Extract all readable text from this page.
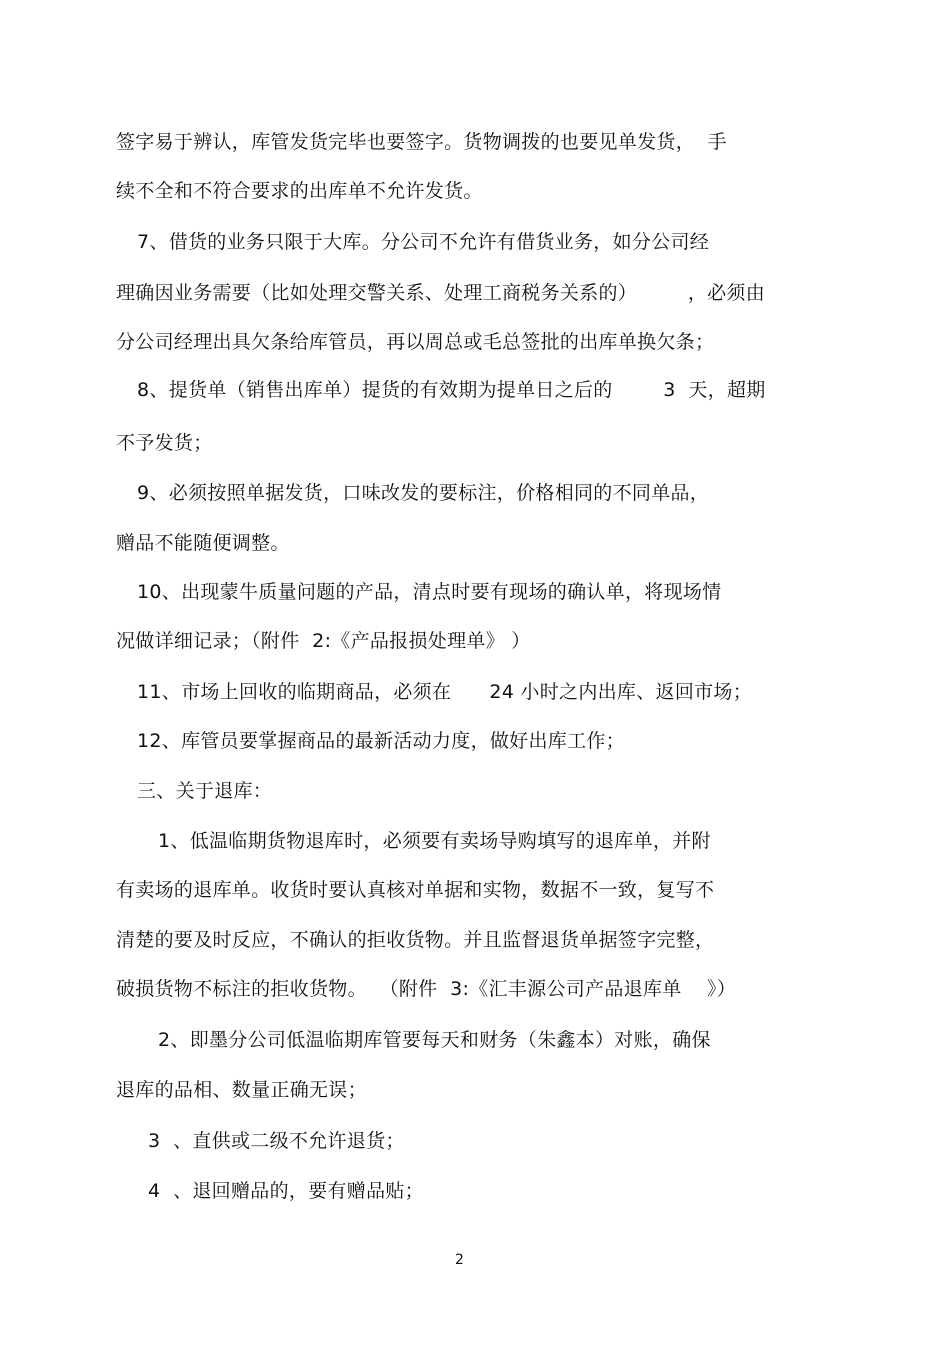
签字易于辨认，库管发货完毕也要签字。货物调拨的也要见单发货，  手
续不全和不符合要求的出库单不允许发货。
7、借货的业务只限于大库。分公司不允许有借货业务，如分公司经
理确因业务需要（比如处理交警关系、处理工商税务关系的）        ，必须由
分公司经理出具欠条给库管员，再以周总或毛总签批的出库单换欠条；
8、提货单（销售出库单）提货的有效期为提单日之后的        3  天，超期
不予发货；
9、必须按照单据发货，口味改发的要标注，价格相同的不同单品，
赠品不能随便调整。
10、出现蒙牛质量问题的产品，清点时要有现场的确认单，将现场情
况做详细记录；（附件  2:《产品报损处理单》 ）
11、市场上回收的临期商品，必须在      24 小时之内出库、返回市场；
12、库管员要掌握商品的最新活动力度，做好出库工作；
三、关于退库：
1、低温临期货物退库时，必须要有卖场导购填写的退库单，并附
有卖场的退库单。收货时要认真核对单据和实物，数据不一致，复写不
清楚的要及时反应，不确认的拒收货物。并且监督退货单据签字完整，
破损货物不标注的拒收货物。  （附件  3:《汇丰源公司产品退库单    》）
2、即墨分公司低温临期库管要每天和财务（朱鑫本）对账，确保
退库的品相、数量正确无误；
3  、直供或二级不允许退货；
4  、退回赠品的，要有赠品贴；
2
